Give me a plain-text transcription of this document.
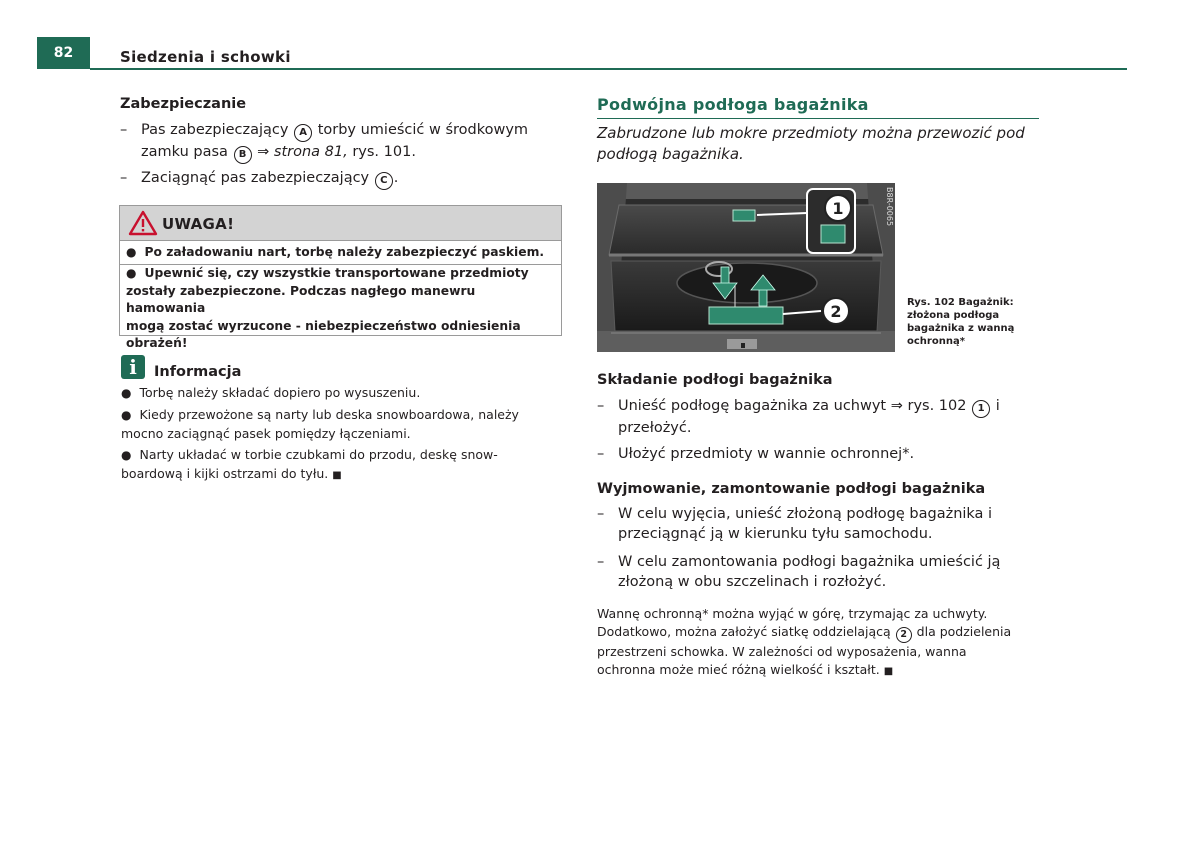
82	Siedzenia i schowki
Zabezpieczanie
– Pas zabezpieczający A torby umieścić w środkowym
zamku pasa B ⇒ strona 81, rys. 101.
– Zaciągnąć pas zabezpieczający C .
UWAGA!
● Po załadowaniu nart, torbę należy zabezpieczyć paskiem.
● Upewnić się, czy wszystkie transportowane przedmioty
zostały zabezpieczone. Podczas nagłego manewru hamowania
mogą zostać wyrzucone - niebezpieczeństwo odniesienia
obrażeń!
i	Informacja
● Torbę należy składać dopiero po wysuszeniu.
● Kiedy przewożone są narty lub deska snowboardowa, należy
mocno zaciągnąć pasek pomiędzy łączeniami.
● Narty układać w torbie czubkami do przodu, deskę snow-
boardową i kijki ostrzami do tyłu. ■
Podwójna podłoga bagażnika
Zabrudzone lub mokre przedmioty można przewozić pod
podłogą bagażnika.
B8R-0065
1
2	Rys. 102 Bagażnik:
złożona podłoga
bagażnika z wanną
ochronną*
Składanie podłogi bagażnika
– Unieść podłogę bagażnika za uchwyt ⇒ rys. 102 1 i
przełożyć.
– Ułożyć przedmioty w wannie ochronnej*.
Wyjmowanie, zamontowanie podłogi bagażnika
– W celu wyjęcia, unieść złożoną podłogę bagażnika i
przeciągnąć ją w kierunku tyłu samochodu.
– W celu zamontowania podłogi bagażnika umieścić ją
złożoną w obu szczelinach i rozłożyć.
Wannę ochronną* można wyjąć w górę, trzymając za uchwyty.
Dodatkowo, można założyć siatkę oddzielającą 2 dla podzielenia
przestrzeni schowka. W zależności od wyposażenia, wanna
ochronna może mieć różną wielkość i kształt. ■
